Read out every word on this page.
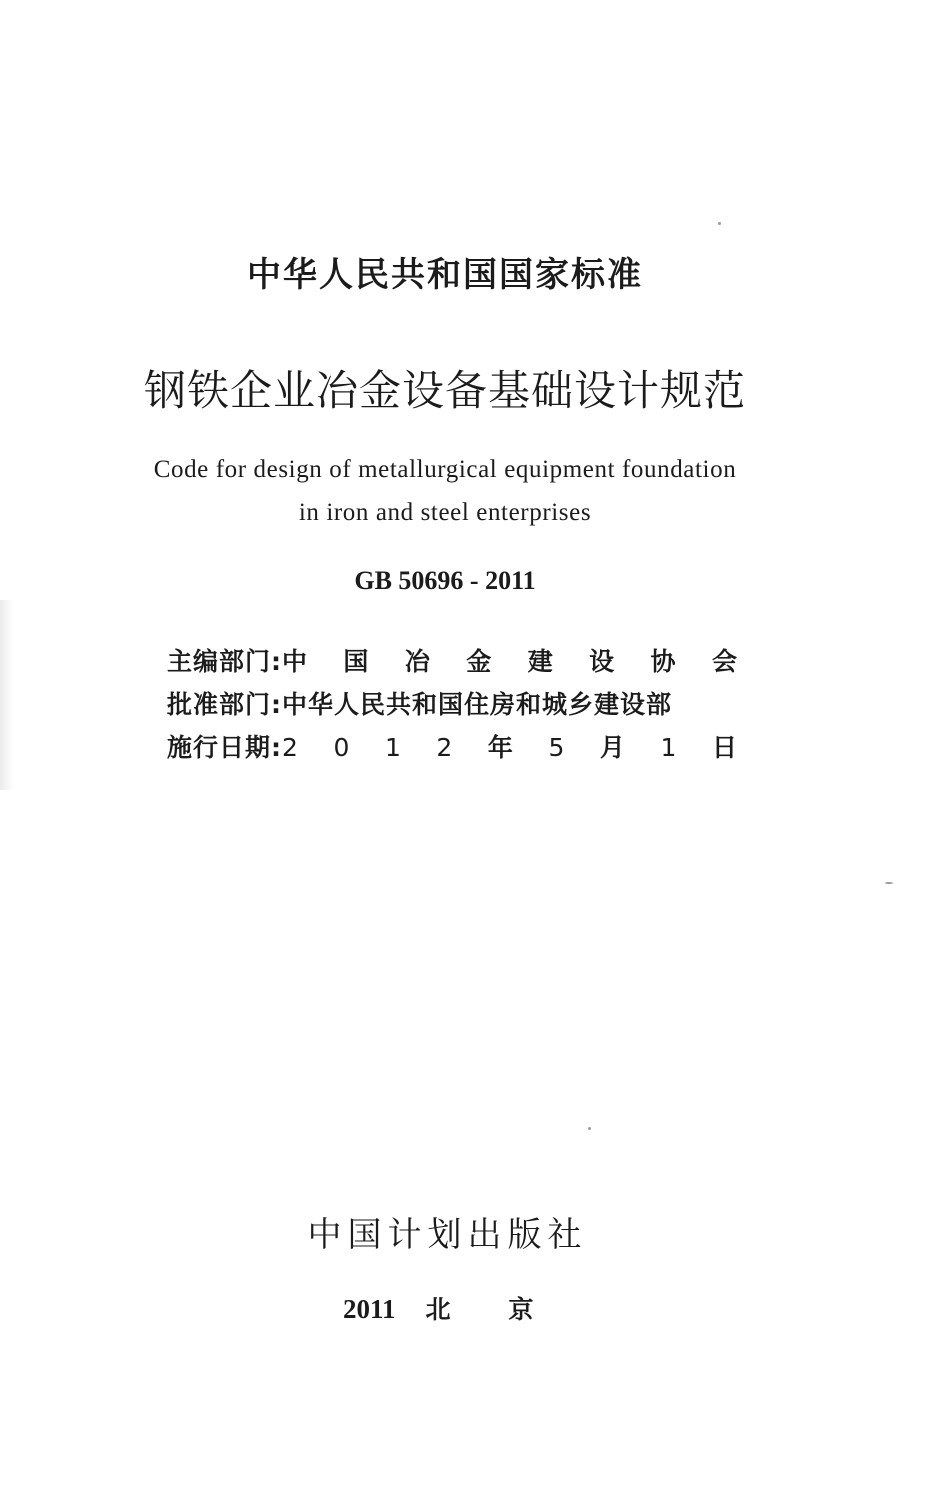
中华人民共和国国家标准
钢铁企业冶金设备基础设计规范
Code for design of metallurgical equipment foundation
in iron and steel enterprises
GB 50696 - 2011
主编部门: 中 国 冶 金 建 设 协 会
批准部门: 中华人民共和国住房和城乡建设部
施行日期: 2 0 1 2 年 5 月 1 日
中国计划出版社
2011 北京
